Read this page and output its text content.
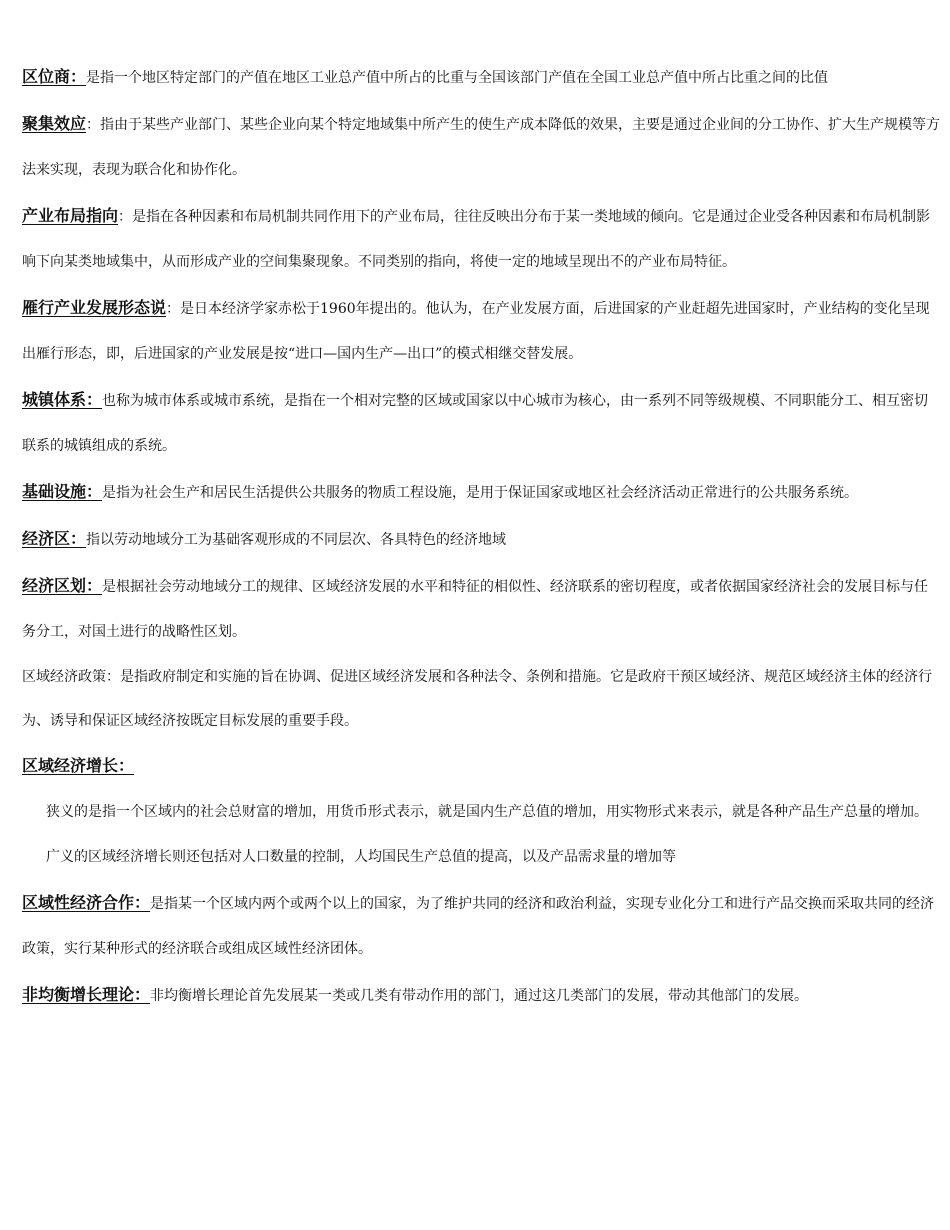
区位商：是指一个地区特定部门的产值在地区工业总产值中所占的比重与全国该部门产值在全国工业总产值中所占比重之间的比值

聚集效应：指由于某些产业部门、某些企业向某个特定地域集中所产生的使生产成本降低的效果，主要是通过企业间的分工协作、扩大生产规模等方法来实现，表现为联合化和协作化。

产业布局指向：是指在各种因素和布局机制共同作用下的产业布局，往往反映出分布于某一类地域的倾向。它是通过企业受各种因素和布局机制影响下向某类地域集中，从而形成产业的空间集聚现象。不同类别的指向，将使一定的地域呈现出不的产业布局特征。

雁行产业发展形态说：是日本经济学家赤松于1960年提出的。他认为，在产业发展方面，后进国家的产业赶超先进国家时，产业结构的变化呈现出雁行形态，即，后进国家的产业发展是按“进口—国内生产—出口”的模式相继交替发展。

城镇体系：也称为城市体系或城市系统，是指在一个相对完整的区域或国家以中心城市为核心，由一系列不同等级规模、不同职能分工、相互密切联系的城镇组成的系统。

基础设施：是指为社会生产和居民生活提供公共服务的物质工程设施，是用于保证国家或地区社会经济活动正常进行的公共服务系统。

经济区：指以劳动地域分工为基础客观形成的不同层次、各具特色的经济地域

经济区划：是根据社会劳动地域分工的规律、区域经济发展的水平和特征的相似性、经济联系的密切程度，或者依据国家经济社会的发展目标与任务分工，对国土进行的战略性区划。

区域经济政策：是指政府制定和实施的旨在协调、促进区域经济发展和各种法令、条例和措施。它是政府干预区域经济、规范区域经济主体的经济行为、诱导和保证区域经济按既定目标发展的重要手段。

区域经济增长：

狭义的是指一个区域内的社会总财富的增加，用货币形式表示，就是国内生产总值的增加，用实物形式来表示，就是各种产品生产总量的增加。

广义的区域经济增长则还包括对人口数量的控制，人均国民生产总值的提高，以及产品需求量的增加等

区域性经济合作：是指某一个区域内两个或两个以上的国家，为了维护共同的经济和政治利益，实现专业化分工和进行产品交换而采取共同的经济政策，实行某种形式的经济联合或组成区域性经济团体。

非均衡增长理论：非均衡增长理论首先发展某一类或几类有带动作用的部门，通过这几类部门的发展，带动其他部门的发展。
